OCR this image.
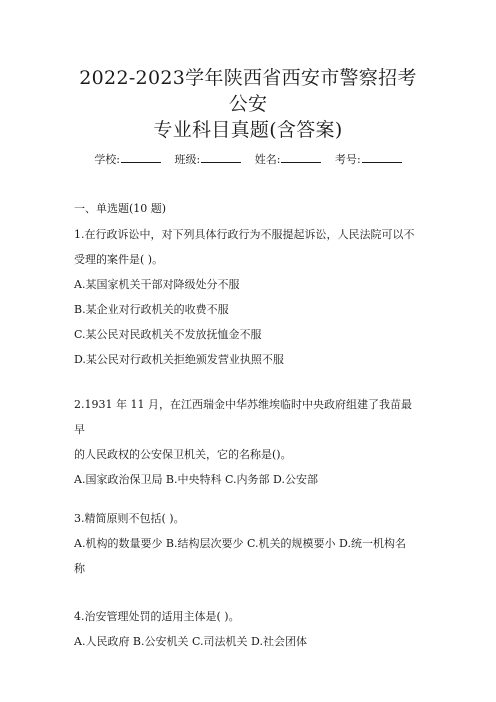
2022-2023学年陕西省西安市警察招考公安
专业科目真题(含答案)
学校:	班级:	姓名:	考号:
一、单选题(10 题)

1.在行政诉讼中，对下列具体行政行为不服提起诉讼，人民法院可以不

受理的案件是( )。

A.某国家机关干部对降级处分不服

B.某企业对行政机关的收费不服

C.某公民对民政机关不发放抚恤金不服

D.某公民对行政机关拒绝颁发营业执照不服

2.1931 年 11 月，在江西瑞金中华苏维埃临时中央政府组建了我苗最早

的人民政权的公安保卫机关，它的名称是()。

A.国家政治保卫局 B.中央特科 C.内务部 D.公安部

3.精简原则不包括( )。

A.机构的数量要少 B.结构层次要少 C.机关的规模要小 D.统一机构名

称

4.治安管理处罚的适用主体是( )。

A.人民政府 B.公安机关 C.司法机关 D.社会团体
